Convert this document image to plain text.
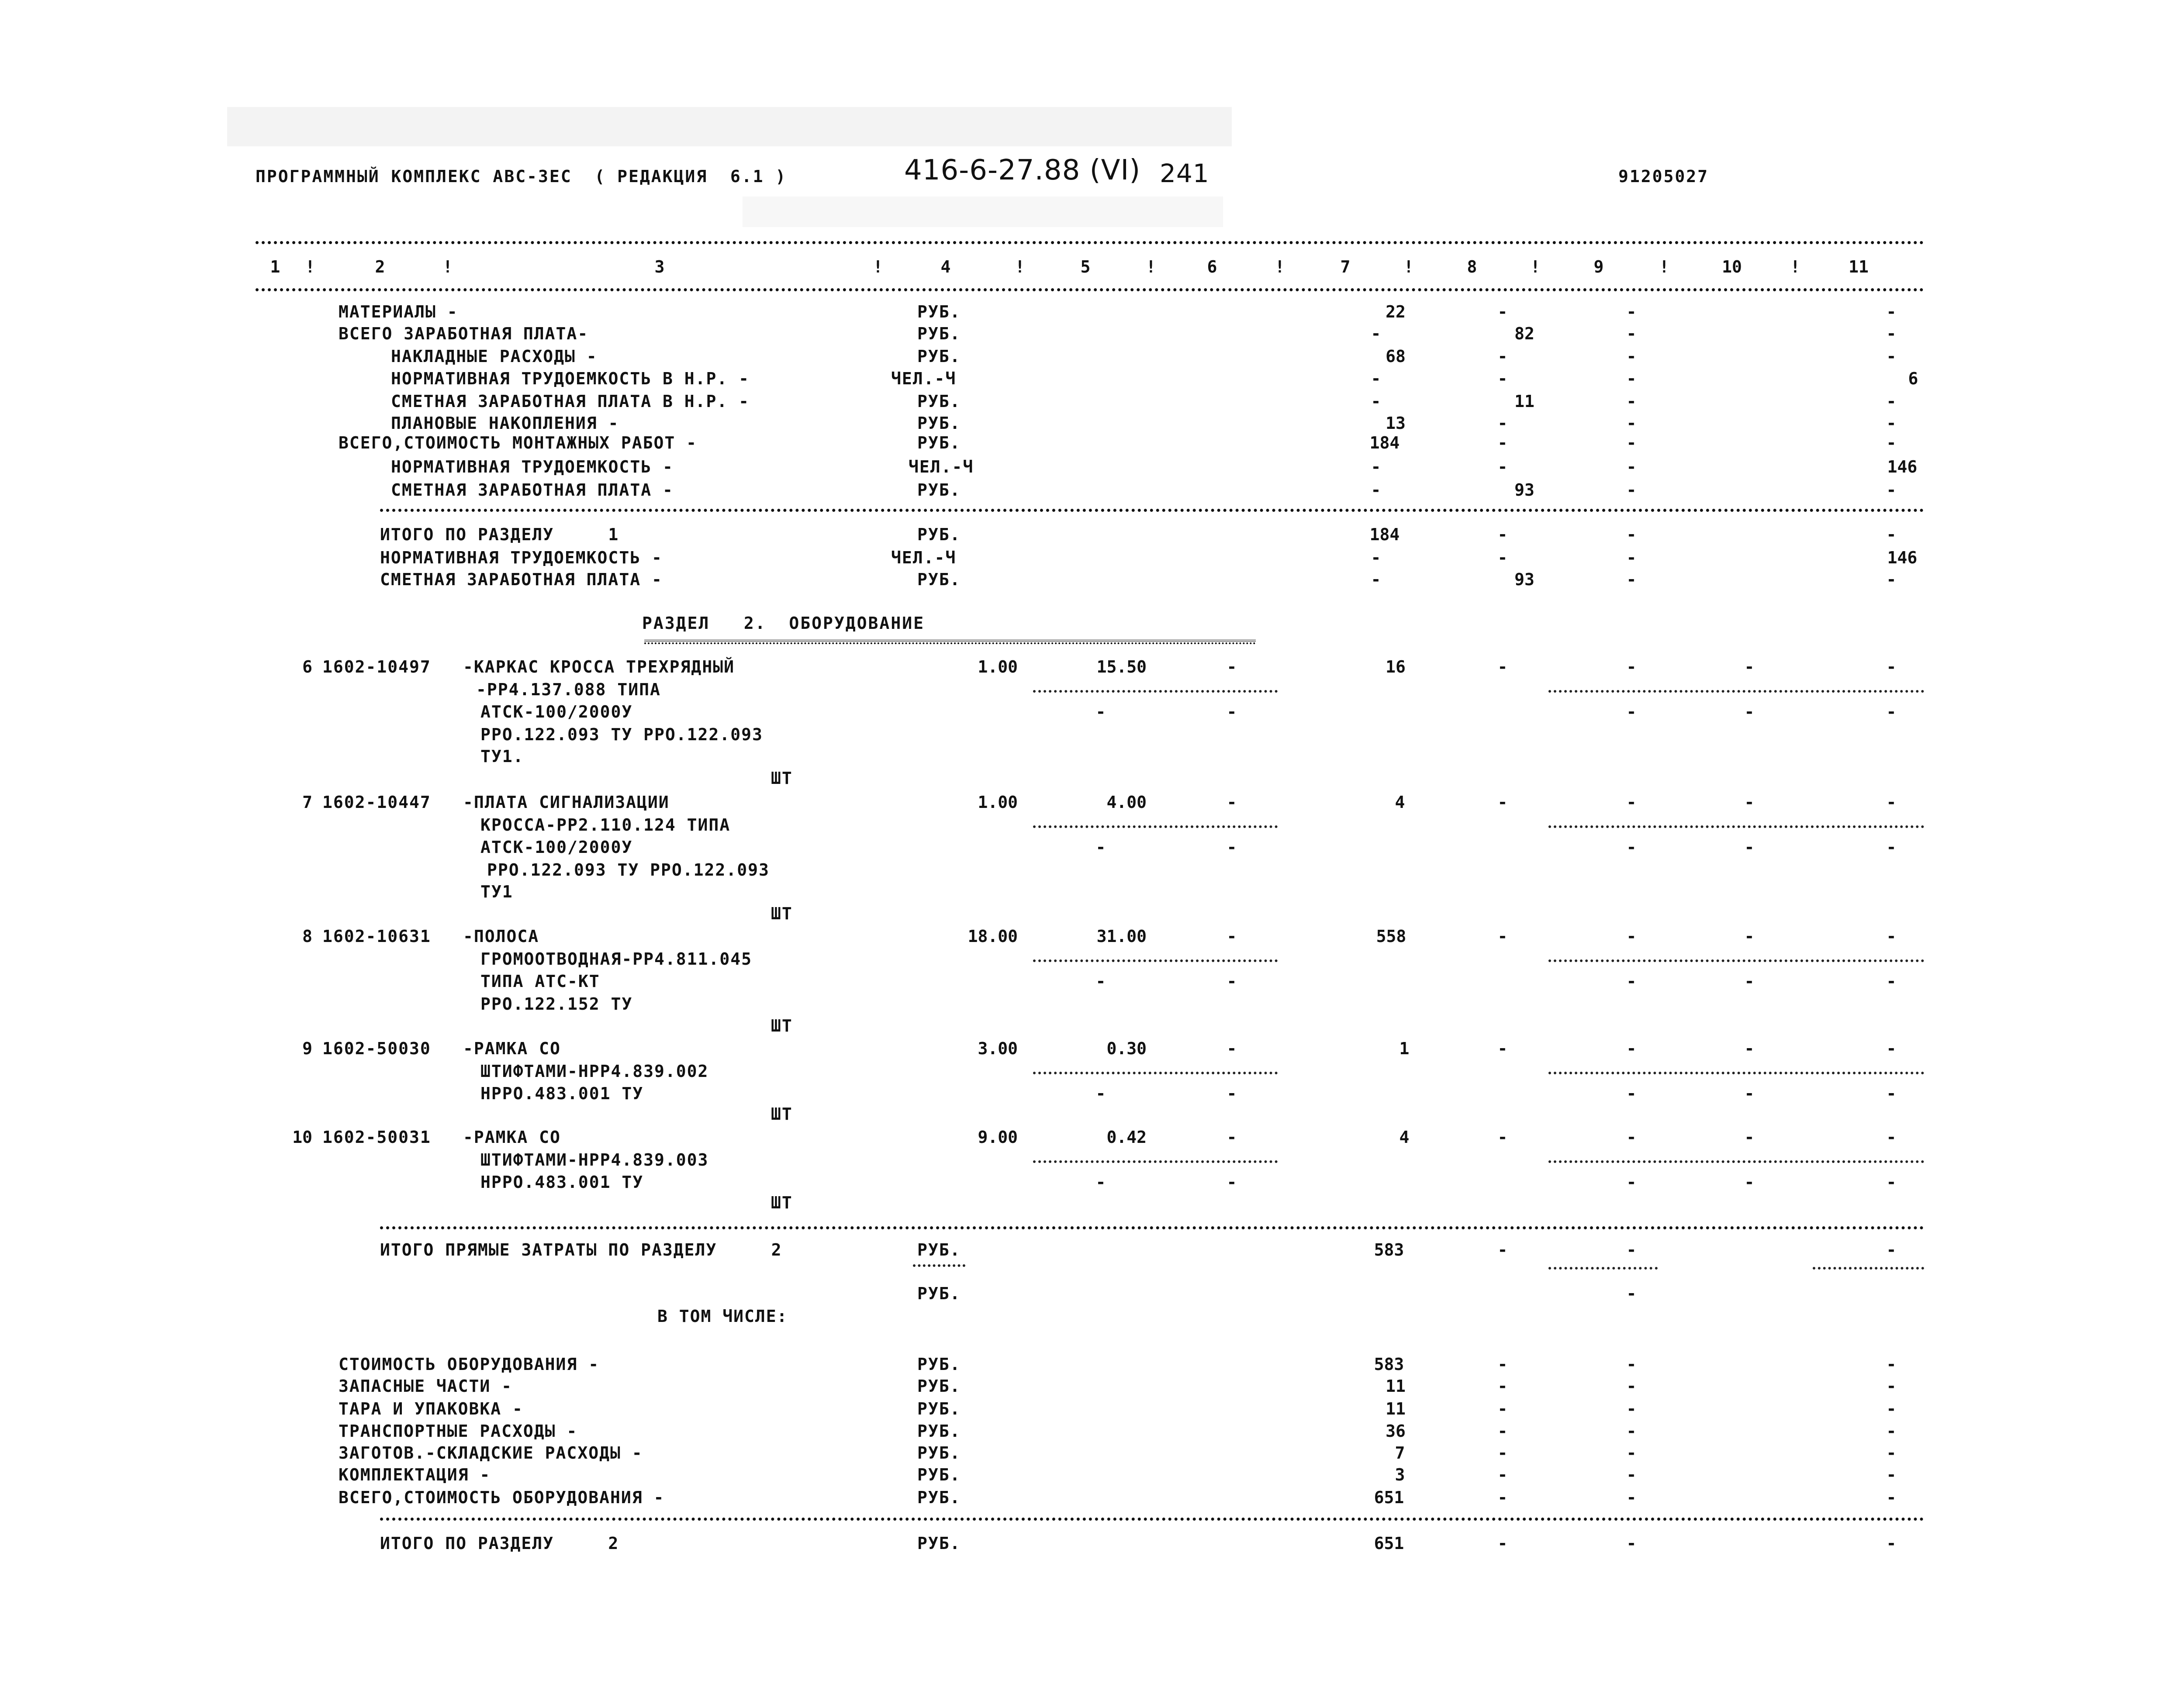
ПРОГРАММНЫЙ КОМПЛЕКС АВС-ЗЕС  ( РЕДАКЦИЯ  6.1 )	416-6-27.88 (VI) 241	91205027
1	2	3	4	5	6	7	8	9	10	11
!	!	!	!	!	!	!	!	!	!
МАТЕРИАЛЫ -	РУБ.	22	-	-	-
ВСЕГО ЗАРАБОТНАЯ ПЛАТА-	РУБ.	-	82	-	-
НАКЛАДНЫЕ РАСХОДЫ -	РУБ.	68	-	-	-
НОРМАТИВНАЯ ТРУДОЕМКОСТЬ В Н.Р. -	ЧЕЛ.-Ч	-	-	-	6
СМЕТНАЯ ЗАРАБОТНАЯ ПЛАТА В Н.Р. -	РУБ.	-	11	-	-
ПЛАНОВЫЕ НАКОПЛЕНИЯ -	РУБ.	13	-	-	-
ВСЕГО,СТОИМОСТЬ МОНТАЖНЫХ РАБОТ -	РУБ.	184	-	-	-
НОРМАТИВНАЯ ТРУДОЕМКОСТЬ -	ЧЕЛ.-Ч	-	-	-	146
СМЕТНАЯ ЗАРАБОТНАЯ ПЛАТА -	РУБ.	-	93	-	-
ИТОГО ПО РАЗДЕЛУ     1	РУБ.	184	-	-	-
НОРМАТИВНАЯ ТРУДОЕМКОСТЬ -	ЧЕЛ.-Ч	-	-	-	146
СМЕТНАЯ ЗАРАБОТНАЯ ПЛАТА -	РУБ.	-	93	-	-
РАЗДЕЛ   2.  ОБОРУДОВАНИЕ
6 1602-10497 -КАРКАС КРОССА ТРЕХРЯДНЫЙ
-РР4.137.088 ТИПА
АТСК-100/2000У
РРО.122.093 ТУ РРО.122.093
ТУ1.
ШТ
1.00	15.50	-	16	-	-	-	-
-	-	-	-	-
7 1602-10447 -ПЛАТА СИГНАЛИЗАЦИИ
КРОССА-РР2.110.124 ТИПА
АТСК-100/2000У
РРО.122.093 ТУ РРО.122.093
ТУ1
ШТ
1.00	4.00	-	4	-	-	-	-
-	-	-	-	-
8 1602-10631 -ПОЛОСА
ГРОМООТВОДНАЯ-РР4.811.045
ТИПА АТС-КТ
РРО.122.152 ТУ
ШТ
18.00	31.00	-	558	-	-	-	-
-	-	-	-	-
9 1602-50030 -РАМКА СО
ШТИФТАМИ-НРР4.839.002
НРРО.483.001 ТУ
ШТ
3.00	0.30	-	1	-	-	-	-
-	-	-	-	-
10 1602-50031 -РАМКА СО
ШТИФТАМИ-НРР4.839.003
НРРО.483.001 ТУ
ШТ
9.00	0.42	-	4	-	-	-	-
-	-	-	-	-
ИТОГО ПРЯМЫЕ ЗАТРАТЫ ПО РАЗДЕЛУ     2	РУБ.	583	-	-	-
РУБ.	-
В ТОМ ЧИСЛЕ:
СТОИМОСТЬ ОБОРУДОВАНИЯ -	РУБ.	583	-	-	-
ЗАПАСНЫЕ ЧАСТИ -	РУБ.	11	-	-	-
ТАРА И УПАКОВКА -	РУБ.	11	-	-	-
ТРАНСПОРТНЫЕ РАСХОДЫ -	РУБ.	36	-	-	-
ЗАГОТОВ.-СКЛАДСКИЕ РАСХОДЫ -	РУБ.	7	-	-	-
КОМПЛЕКТАЦИЯ -	РУБ.	3	-	-	-
ВСЕГО,СТОИМОСТЬ ОБОРУДОВАНИЯ -	РУБ.	651	-	-	-
ИТОГО ПО РАЗДЕЛУ     2	РУБ.	651	-	-	-
